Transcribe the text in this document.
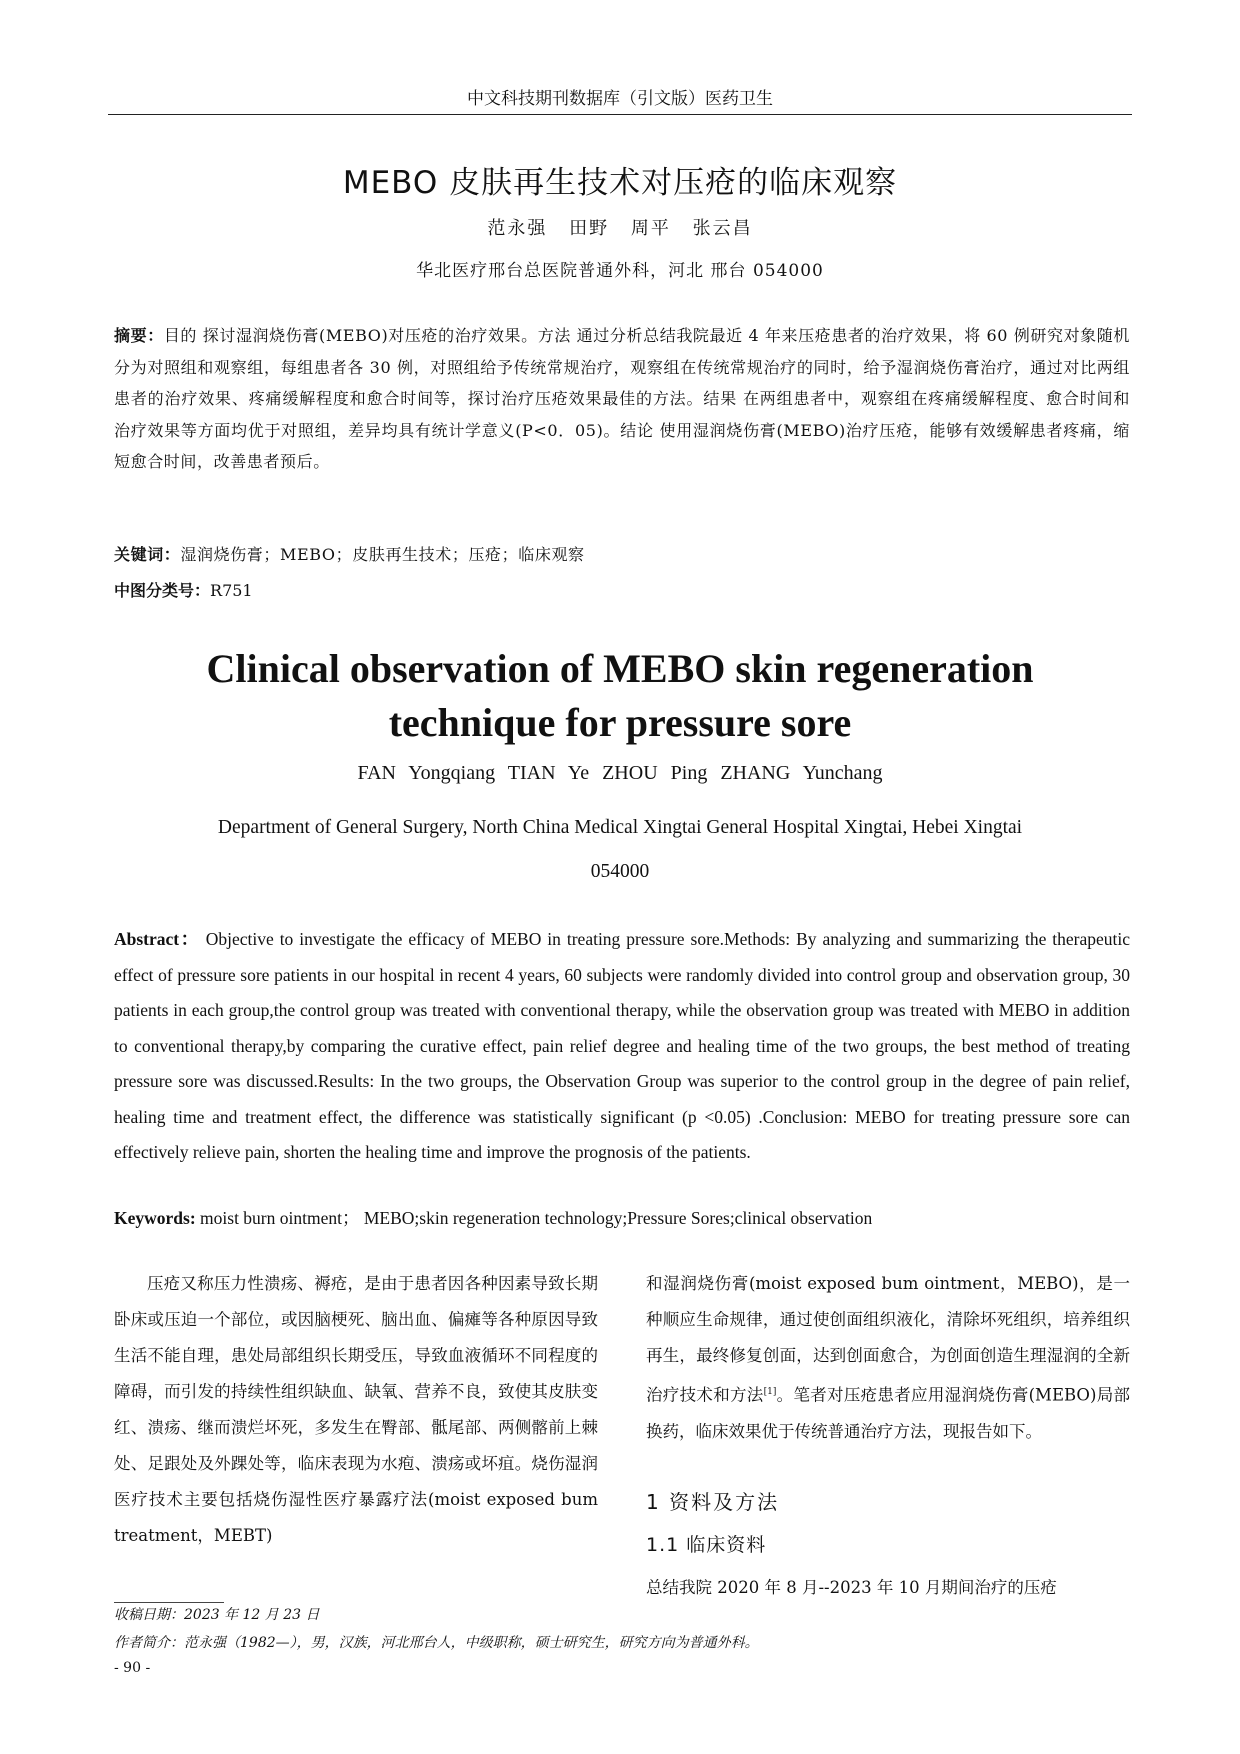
中文科技期刊数据库（引文版）医药卫生
MEBO 皮肤再生技术对压疮的临床观察
范永强 田野 周平 张云昌
华北医疗邢台总医院普通外科，河北 邢台 054000
摘要：目的 探讨湿润烧伤膏(MEBO)对压疮的治疗效果。方法 通过分析总结我院最近 4 年来压疮患者的治疗效果，将 60 例研究对象随机分为对照组和观察组，每组患者各 30 例，对照组给予传统常规治疗，观察组在传统常规治疗的同时，给予湿润烧伤膏治疗，通过对比两组患者的治疗效果、疼痛缓解程度和愈合时间等，探讨治疗压疮效果最佳的方法。结果 在两组患者中，观察组在疼痛缓解程度、愈合时间和治疗效果等方面均优于对照组，差异均具有统计学意义(P<0．05)。结论 使用湿润烧伤膏(MEBO)治疗压疮，能够有效缓解患者疼痛，缩短愈合时间，改善患者预后。
关键词：湿润烧伤膏；MEBO；皮肤再生技术；压疮；临床观察
中图分类号：R751
Clinical observation of MEBO skin regeneration
technique for pressure sore
FAN Yongqiang TIAN Ye ZHOU Ping ZHANG Yunchang
Department of General Surgery, North China Medical Xingtai General Hospital Xingtai, Hebei Xingtai
054000
Abstract： Objective to investigate the efficacy of MEBO in treating pressure sore.Methods: By analyzing and summarizing the therapeutic effect of pressure sore patients in our hospital in recent 4 years, 60 subjects were randomly divided into control group and observation group, 30 patients in each group,the control group was treated with conventional therapy, while the observation group was treated with MEBO in addition to conventional therapy,by comparing the curative effect, pain relief degree and healing time of the two groups, the best method of treating pressure sore was discussed.Results: In the two groups, the Observation Group was superior to the control group in the degree of pain relief, healing time and treatment effect, the difference was statistically significant (p <0.05) .Conclusion: MEBO for treating pressure sore can effectively relieve pain, shorten the healing time and improve the prognosis of the patients.
Keywords: moist burn ointment； MEBO;skin regeneration technology;Pressure Sores;clinical observation

压疮又称压力性溃疡、褥疮，是由于患者因各种因素导致长期卧床或压迫一个部位，或因脑梗死、脑出血、偏瘫等各种原因导致生活不能自理，患处局部组织长期受压，导致血液循环不同程度的障碍，而引发的持续性组织缺血、缺氧、营养不良，致使其皮肤变红、溃疡、继而溃烂坏死，多发生在臀部、骶尾部、两侧髂前上棘处、足跟处及外踝处等，临床表现为水疱、溃疡或坏疽。烧伤湿润医疗技术主要包括烧伤湿性医疗暴露疗法(moist exposed bum treatment，MEBT)

和湿润烧伤膏(moist exposed bum ointment，MEBO)，是一种顺应生命规律，通过使创面组织液化，清除坏死组织，培养组织再生，最终修复创面，达到创面愈合，为创面创造生理湿润的全新治疗技术和方法[1]。笔者对压疮患者应用湿润烧伤膏(MEBO)局部换药，临床效果优于传统普通治疗方法，现报告如下。

1 资料及方法
1.1 临床资料
总结我院 2020 年 8 月--2023 年 10 月期间治疗的压疮
收稿日期：2023 年 12 月 23 日
作者简介：范永强（1982—），男，汉族，河北邢台人，中级职称，硕士研究生，研究方向为普通外科。
- 90 -
